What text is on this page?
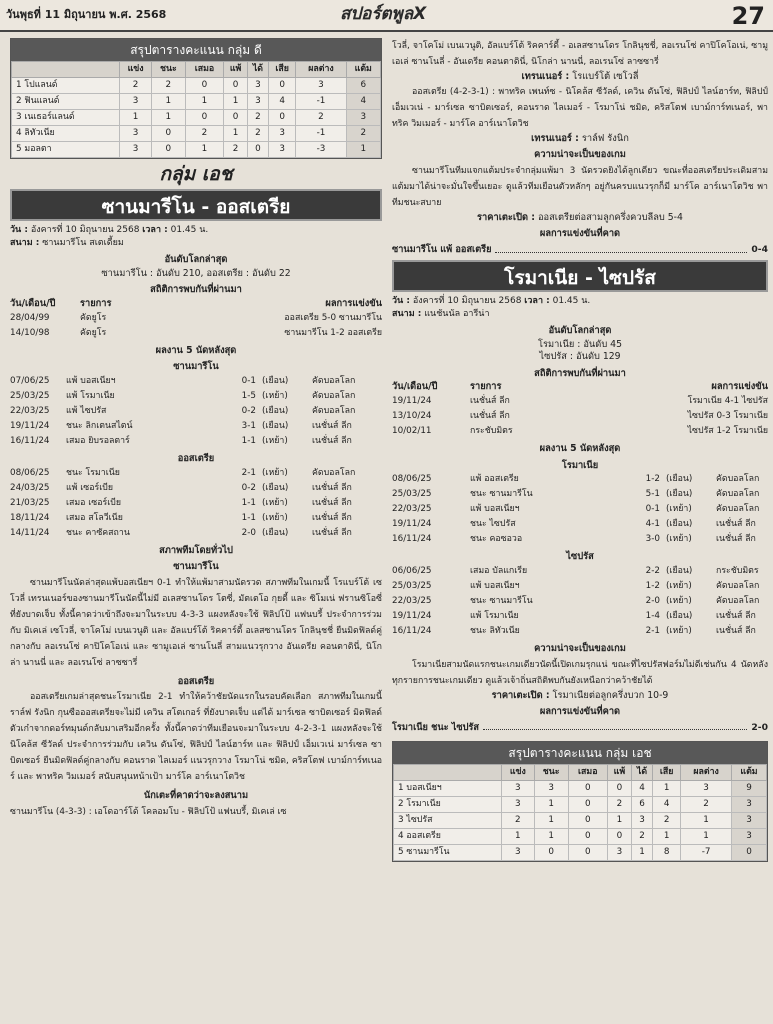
วันพุธที่ 11 มิถุนายน พ.ศ. 2568	สปอร์ตพูลX	27
สรุปตารางคะแนน กลุ่ม ดี
	แข่ง	ชนะ	เสมอ	แพ้	ได้	เสีย	ผลต่าง	แต้ม
1 โปแลนด์	2	2	0	0	3	0	3	6
2 ฟินแลนด์	3	1	1	1	3	4	-1	4
3 เนเธอร์แลนด์	1	1	0	0	2	0	2	3
4 ลิทัวเนีย	3	0	2	1	2	3	-1	2
5 มอลตา	3	0	1	2	0	3	-3	1
กลุ่ม เอช
ซานมารีโน - ออสเตรีย
วัน : อังคารที่ 10 มิถุนายน 2568 เวลา : 01.45 น.
สนาม : ซานมารีโน สเตเดี้ยม
อันดับโลกล่าสุด
ซานมารีโน : อันดับ 210, ออสเตรีย : อันดับ 22
สถิติการพบกันที่ผ่านมา
วัน/เดือน/ปี	รายการ	ผลการแข่งขัน
28/04/99	คัดยูโร	ออสเตรีย 5-0 ซานมารีโน
14/10/98	คัดยูโร	ซานมารีโน 1-2 ออสเตรีย
ผลงาน 5 นัดหลังสุด
ซานมารีโน
07/06/25	แพ้ บอสเนียฯ	0-1 (เยือน)	คัดบอลโลก
25/03/25	แพ้ โรมาเนีย	1-5 (เหย้า)	คัดบอลโลก
22/03/25	แพ้ ไซปรัส	0-2 (เยือน)	คัดบอลโลก
19/11/24	ชนะ ลิกเตนสไตน์	3-1 (เยือน)	เนชั่นส์ ลีก
16/11/24	เสมอ ยิบรอลตาร์	1-1 (เหย้า)	เนชั่นส์ ลีก
ออสเตรีย
08/06/25	ชนะ โรมาเนีย	2-1 (เหย้า)	คัดบอลโลก
24/03/25	แพ้ เซอร์เบีย	0-2 (เยือน)	เนชั่นส์ ลีก
21/03/25	เสมอ เซอร์เบีย	1-1 (เหย้า)	เนชั่นส์ ลีก
18/11/24	เสมอ สโลวีเนีย	1-1 (เหย้า)	เนชั่นส์ ลีก
14/11/24	ชนะ คาซัคสถาน	2-0 (เยือน)	เนชั่นส์ ลีก
สภาพทีมโดยทั่วไป
ซานมารีโน

ซานมารีโนนัดล่าสุดแพ้บอสเนียฯ 0-1 ทำให้แพ้มาสามนัดรวด สภาพทีมในเกมนี้ โรแบร์โต้ เซโวลี่ เทรนเนอร์ของซานมารีโนนัดนี้ไม่มี อเลสซานโดร โตซี่, มัตเตโอ กุยดี้ และ ซิโมเน่ ฟรานซิโอซี่ ที่ยังบาดเจ็บ ทั้งนี้คาดว่าเข้าถึงจะมาในระบบ 4-3-3 แผงหลังจะใช้ ฟิลิปโป้ แฟนบรี้ ประจำการร่วมกับ มิเคเล่ เซโวลี่, จาโคโม่ เบนเวนูติ และ อัลแบร์โต้ ริคคาร์ดี้ อเลสซานโดร โกลินุชชี่ ยืนมิดฟิลด์คู่กลางกับ ลอเรนโซ่ คาปิโคโอเน่ และ ซามูเอเล่ ซานโนลี่ สามแนวรุกวาง อันเดรีย คอนตาดินี่, นิโกล่า นานนี่ และ ลอเรนโซ่ ลาซซารี่

ออสเตรีย

ออสเตรียเกมล่าสุดชนะโรมาเนีย 2-1 ทำให้คว้าชัยนัดแรกในรอบคัดเลือก สภาพทีมในเกมนี้ ราล์ฟ รังนิก กุนซือออสเตรียจะไม่มี เควิน สโตเกอร์ ที่ยังบาดเจ็บ แต่ได้ มาร์เซล ซาบิตเซอร์ มิดฟิลด์ตัวเก๋าจากดอร์ทมุนด์กลับมาเสริมอีกครั้ง ทั้งนี้คาดว่าทีมเยือนจะมาในระบบ 4-2-3-1 แผงหลังจะใช้ นิโคล้ส ซีวัลด์ ประจำการร่วมกับ เควิน ดันโซ่, ฟิลิปป์ ไลน์ฮาร์ท และ ฟิลิปป์ เอ็มเวเน่ มาร์เซล ซาบิตเซอร์ ยืนมิดฟิลด์คู่กลางกับ คอนราด ไลเมอร์ แนวรุกวาง โรมาโน่ ชมิด, คริสโตฟ เบาม์การ์ทเนอร์ และ พาทริค วิมเมอร์ สนับสนุนหน้าเป้า มาร์โค อาร์เนาโตวิช

นักเตะที่คาดว่าจะลงสนาม

ซานมารีโน (4-3-3) : เอโดอาร์โด้ โคลอมโบ - ฟิลิปโป้ แฟนบรี้, มิเคเล่ เซ

โวลี่, จาโคโม่ เบนเวนูติ, อัลแบร์โต้ ริคคาร์ดี้ - อเลสซานโดร โกลินุชชี่, ลอเรนโซ่ คาปิโคโอเน่, ซามูเอเล่ ซานโนลี่ - อันเดรีย คอนตาดินี่, นิโกล่า นานนี่, ลอเรนโซ่ ลาซซารี่

เทรนเนอร์ : โรแบร์โต้ เซโวลี่

ออสเตรีย (4-2-3-1) : พาทริค เพนท์ซ - นิโคล้ส ซีวัลด์, เควิน ดันโซ่, ฟิลิปป์ ไลน์ฮาร์ท, ฟิลิปป์ เอ็มเวเน่ - มาร์เซล ซาบิตเซอร์, คอนราด ไลเมอร์ - โรมาโน่ ชมิด, คริสโตฟ เบาม์การ์ทเนอร์, พาทริค วิมเมอร์ - มาร์โค อาร์เนาโตวิช

เทรนเนอร์ : ราล์ฟ รังนิก
ความน่าจะเป็นของเกม

ซานมารีโนทีมแจกแต้มประจำกลุ่มแพ้มา 3 นัดรวดยิงได้ลูกเดียว ขณะที่ออสเตรียประเดิมสามแต้มมาได้น่าจะมั่นใจขึ้นเยอะ ดูแล้วทีมเยือนตัวหลักๆ อยู่กันครบแนวรุกก็มี มาร์โค อาร์เนาโตวิช พาทีมชนะสบาย

ราคาเตะเปิด : ออสเตรียต่อสามลูกครึ่งควบลีลบ 5-4
ผลการแข่งขันที่คาด
ซานมารีโน แพ้ ออสเตรีย	0-4
โรมาเนีย - ไซปรัส
วัน : อังคารที่ 10 มิถุนายน 2568 เวลา : 01.45 น.
สนาม : แนชันนัล อารีน่า
อันดับโลกล่าสุด
โรมาเนีย : อันดับ 45
ไซปรัส : อันดับ 129
สถิติการพบกันที่ผ่านมา
วัน/เดือน/ปี	รายการ	ผลการแข่งขัน
19/11/24	เนชั่นส์ ลีก	โรมาเนีย 4-1 ไซปรัส
13/10/24	เนชั่นส์ ลีก	ไซปรัส 0-3 โรมาเนีย
10/02/11	กระชับมิตร	ไซปรัส 1-2 โรมาเนีย
ผลงาน 5 นัดหลังสุด
โรมาเนีย
08/06/25	แพ้ ออสเตรีย	1-2 (เยือน)	คัดบอลโลก
25/03/25	ชนะ ซานมารีโน	5-1 (เยือน)	คัดบอลโลก
22/03/25	แพ้ บอสเนียฯ	0-1 (เหย้า)	คัดบอลโลก
19/11/24	ชนะ ไซปรัส	4-1 (เยือน)	เนชั่นส์ ลีก
16/11/24	ชนะ คอซอวอ	3-0 (เหย้า)	เนชั่นส์ ลีก
ไซปรัส
06/06/25	เสมอ บัลแกเรีย	2-2 (เยือน)	กระชับมิตร
25/03/25	แพ้ บอสเนียฯ	1-2 (เหย้า)	คัดบอลโลก
22/03/25	ชนะ ซานมารีโน	2-0 (เหย้า)	คัดบอลโลก
19/11/24	แพ้ โรมาเนีย	1-4 (เยือน)	เนชั่นส์ ลีก
16/11/24	ชนะ ลิทัวเนีย	2-1 (เหย้า)	เนชั่นส์ ลีก
ความน่าจะเป็นของเกม

โรมาเนียสามนัดแรกชนะเกมเดียวนัดนี้เปิดเกมรุกแน่ ขณะที่ไซปรัสฟอร์มไม่ดีเช่นกัน 4 นัดหลังทุกรายการชนะเกมเดียว ดูแล้วเจ้าถิ่นสถิติพบกันยังเหนือกว่าคว้าชัยได้

ราคาเตะเปิด : โรมาเนียต่อลูกครึ่งบวก 10-9
ผลการแข่งขันที่คาด
โรมาเนีย ชนะ ไซปรัส	2-0
สรุปตารางคะแนน กลุ่ม เอช
	แข่ง	ชนะ	เสมอ	แพ้	ได้	เสีย	ผลต่าง	แต้ม
1 บอสเนียฯ	3	3	0	0	4	1	3	9
2 โรมาเนีย	3	1	0	2	6	4	2	3
3 ไซปรัส	2	1	0	1	3	2	1	3
4 ออสเตรีย	1	1	0	0	2	1	1	3
5 ซานมารีโน	3	0	0	3	1	8	-7	0
